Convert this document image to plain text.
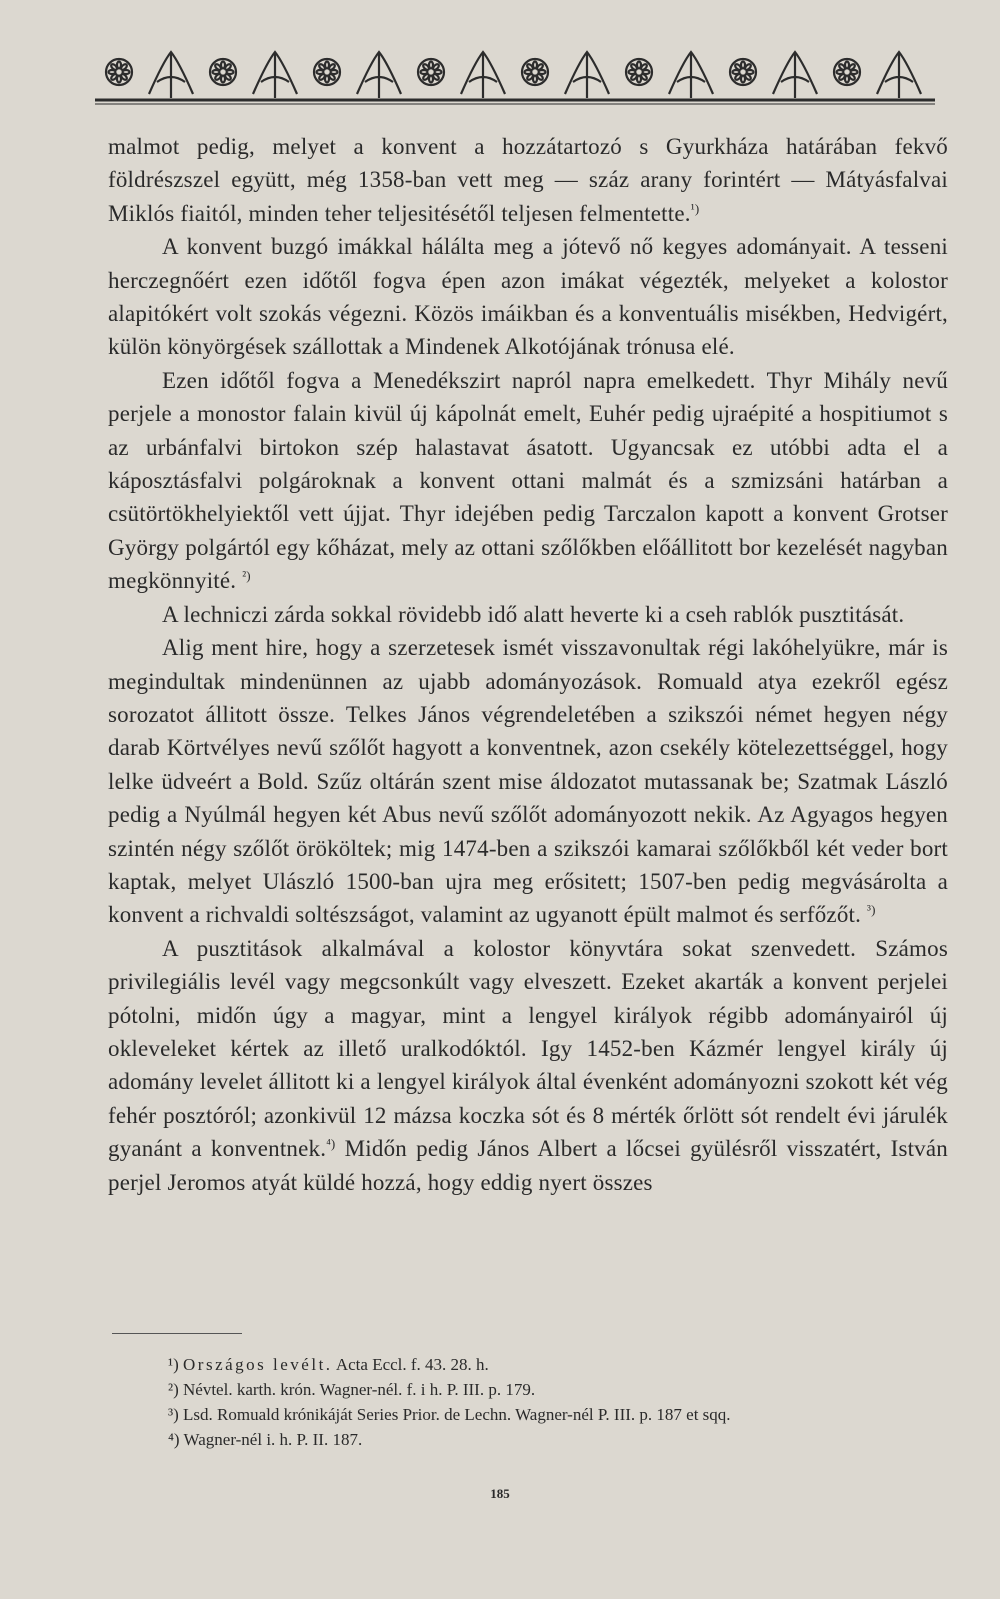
malmot pedig, melyet a konvent a hozzátartozó s Gyurkháza határában fekvő földrészszel együtt, még 1358-ban vett meg — száz arany forintért — Mátyásfalvai Miklós fiaitól, minden teher teljesitésétől teljesen felmentette.$^{^1)}$

A konvent buzgó imákkal hálálta meg a jótevő nő kegyes adományait. A tesseni herczegnőért ezen időtől fogva épen azon imákat végezték, melyeket a kolostor alapitókért volt szokás végezni. Közös imáikban és a konventuális misékben, Hedvigért, külön könyörgések szállottak a Mindenek Alkotójának trónusa elé.

Ezen időtől fogva a Menedékszirt napról napra emelkedett. Thyr Mihály nevű perjele a monostor falain kivül új kápolnát emelt, Euhér pedig ujraépité a hospitiumot s az urbánfalvi birtokon szép halastavat ásatott. Ugyancsak ez utóbbi adta el a káposztásfalvi polgároknak a konvent ottani malmát és a szmizsáni határban a csütörtökhelyiektől vett újjat. Thyr idejében pedig Tarczalon kapott a konvent Grotser György polgártól egy kőházat, mely az ottani szőlőkben előállitott bor kezelését nagyban megkönnyité. $^{^2)}$

A lechniczi zárda sokkal rövidebb idő alatt heverte ki a cseh rablók pusztitását.

Alig ment hire, hogy a szerzetesek ismét visszavonultak régi lakóhelyükre, már is megindultak mindenünnen az ujabb adományozások. Romuald atya ezekről egész sorozatot állitott össze. Telkes János végrendeletében a szikszói német hegyen négy darab Körtvélyes nevű szőlőt hagyott a konventnek, azon csekély kötelezettséggel, hogy lelke üdveért a Bold. Szűz oltárán szent mise áldozatot mutassanak be; Szatmak László pedig a Nyúlmál hegyen két Abus nevű szőlőt adományozott nekik. Az Agyagos hegyen szintén négy szőlőt örököltek; mig 1474-ben a szikszói kamarai szőlőkből két veder bort kaptak, melyet Ulászló 1500-ban ujra meg erősitett; 1507-ben pedig megvásárolta a konvent a richvaldi soltészságot, valamint az ugyanott épült malmot és serfőzőt. $^{^3)}$

A pusztitások alkalmával a kolostor könyvtára sokat szenvedett. Számos privilegiális levél vagy megcsonkúlt vagy elveszett. Ezeket akarták a konvent perjelei pótolni, midőn úgy a magyar, mint a lengyel királyok régibb adományairól új okleveleket kértek az illető uralkodóktól. Igy 1452-ben Kázmér lengyel király új adomány levelet állitott ki a lengyel királyok által évenként adományozni szokott két vég fehér posztóról; azonkivül 12 mázsa koczka sót és 8 mérték őrlött sót rendelt évi járulék gyanánt a konventnek.$^{^4)}$ Midőn pedig János Albert a lőcsei gyülésről visszatért, István perjel Jeromos atyát küldé hozzá, hogy eddig nyert összes

¹) Országos levélt. Acta Eccl. f. 43. 28. h.

²) Névtel. karth. krón. Wagner-nél. f. i h. P. III. p. 179.

³) Lsd. Romuald krónikáját Series Prior. de Lechn. Wagner-nél P. III. p. 187 et sqq.

⁴) Wagner-nél i. h. P. II. 187.

185
